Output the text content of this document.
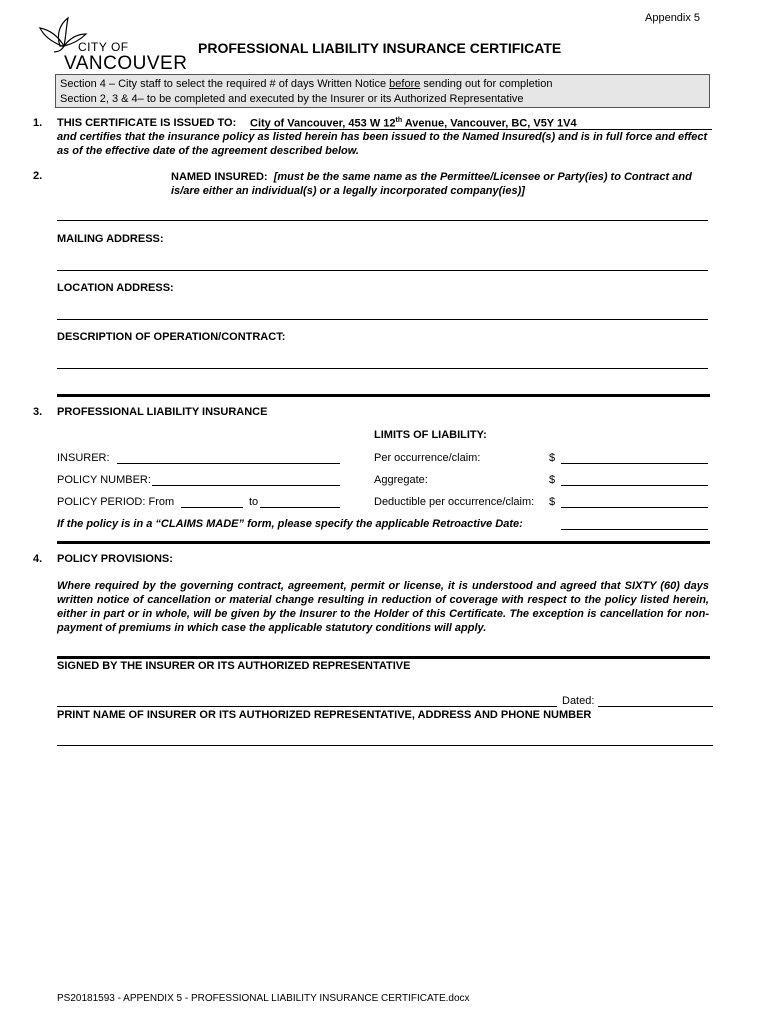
Appendix 5
CITY OF
VANCOUVER
PROFESSIONAL LIABILITY INSURANCE CERTIFICATE
Section 4 – City staff to select the required # of days Written Notice before sending out for completion
Section 2, 3 & 4– to be completed and executed by the Insurer or its Authorized Representative
1. THIS CERTIFICATE IS ISSUED TO: City of Vancouver, 453 W 12th Avenue, Vancouver, BC, V5Y 1V4
and certifies that the insurance policy as listed herein has been issued to the Named Insured(s) and is in full force and effect as of the effective date of the agreement described below.
2.	NAMED INSURED: [must be the same name as the Permittee/Licensee or Party(ies) to Contract and is/are either an individual(s) or a legally incorporated company(ies)]
MAILING ADDRESS:
LOCATION ADDRESS:
DESCRIPTION OF OPERATION/CONTRACT:
3. PROFESSIONAL LIABILITY INSURANCE
LIMITS OF LIABILITY:
INSURER:	Per occurrence/claim:	$
POLICY NUMBER:	Aggregate:	$
POLICY PERIOD: From	to	Deductible per occurrence/claim: $
If the policy is in a “CLAIMS MADE” form, please specify the applicable Retroactive Date:
4. POLICY PROVISIONS:
Where required by the governing contract, agreement, permit or license, it is understood and agreed that SIXTY (60) days written notice of cancellation or material change resulting in reduction of coverage with respect to the policy listed herein, either in part or in whole, will be given by the Insurer to the Holder of this Certificate. The exception is cancellation for non-payment of premiums in which case the applicable statutory conditions will apply.
SIGNED BY THE INSURER OR ITS AUTHORIZED REPRESENTATIVE
Dated:
PRINT NAME OF INSURER OR ITS AUTHORIZED REPRESENTATIVE, ADDRESS AND PHONE NUMBER
PS20181593 - APPENDIX 5 - PROFESSIONAL LIABILITY INSURANCE CERTIFICATE.docx
